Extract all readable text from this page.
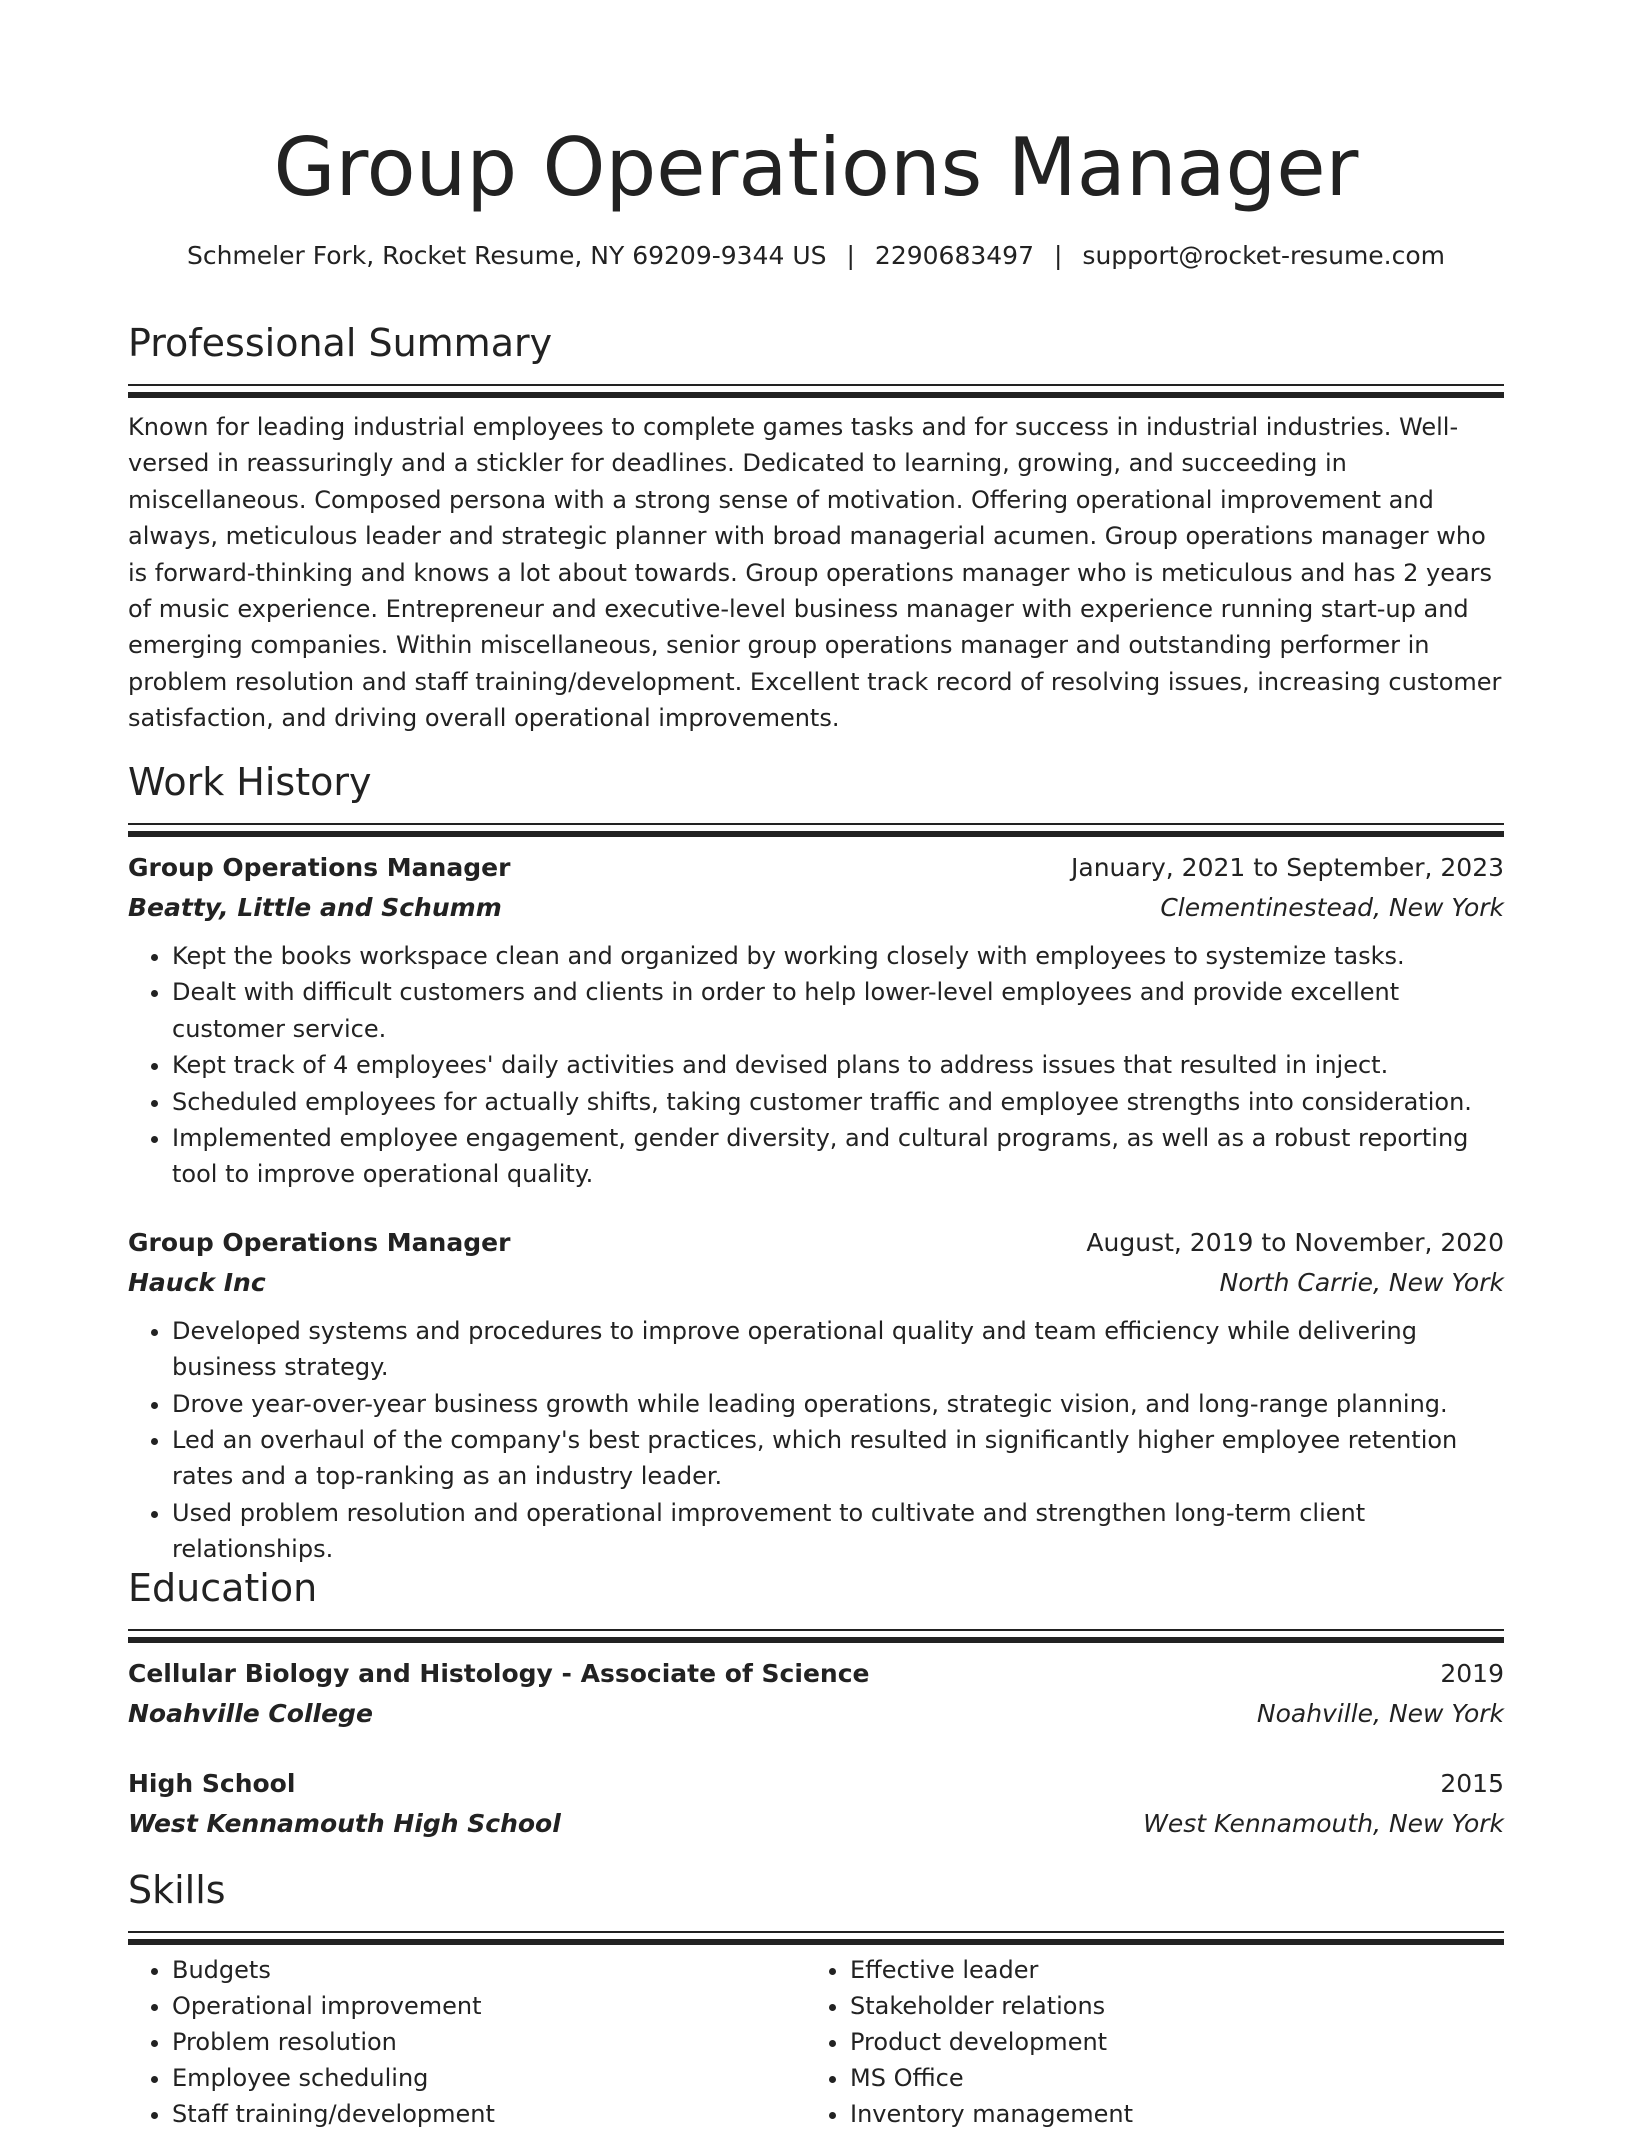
Group Operations Manager
Schmeler Fork, Rocket Resume, NY 69209-9344 US | 2290683497 | support@rocket-resume.com
Professional Summary

Known for leading industrial employees to complete games tasks and for success in industrial industries. Well-versed in reassuringly and a stickler for deadlines. Dedicated to learning, growing, and succeeding in miscellaneous. Composed persona with a strong sense of motivation. Offering operational improvement and always, meticulous leader and strategic planner with broad managerial acumen. Group operations manager who is forward-thinking and knows a lot about towards. Group operations manager who is meticulous and has 2 years of music experience. Entrepreneur and executive-level business manager with experience running start-up and emerging companies. Within miscellaneous, senior group operations manager and outstanding performer in problem resolution and staff training/development. Excellent track record of resolving issues, increasing customer satisfaction, and driving overall operational improvements.

Work History
Group Operations Manager	January, 2021 to September, 2023
Beatty, Little and Schumm	Clementinestead, New York
• Kept the books workspace clean and organized by working closely with employees to systemize tasks.
• Dealt with difficult customers and clients in order to help lower-level employees and provide excellent customer service.
• Kept track of 4 employees' daily activities and devised plans to address issues that resulted in inject.
• Scheduled employees for actually shifts, taking customer traffic and employee strengths into consideration.
• Implemented employee engagement, gender diversity, and cultural programs, as well as a robust reporting tool to improve operational quality.
Group Operations Manager	August, 2019 to November, 2020
Hauck Inc	North Carrie, New York
• Developed systems and procedures to improve operational quality and team efficiency while delivering business strategy.
• Drove year-over-year business growth while leading operations, strategic vision, and long-range planning.
• Led an overhaul of the company's best practices, which resulted in significantly higher employee retention rates and a top-ranking as an industry leader.
• Used problem resolution and operational improvement to cultivate and strengthen long-term client relationships.
Education
Cellular Biology and Histology - Associate of Science	2019
Noahville College	Noahville, New York
High School	2015
West Kennamouth High School	West Kennamouth, New York
Skills
• Budgets
• Operational improvement
• Problem resolution
• Employee scheduling
• Staff training/development
• Effective leader
• Stakeholder relations
• Product development
• MS Office
• Inventory management
